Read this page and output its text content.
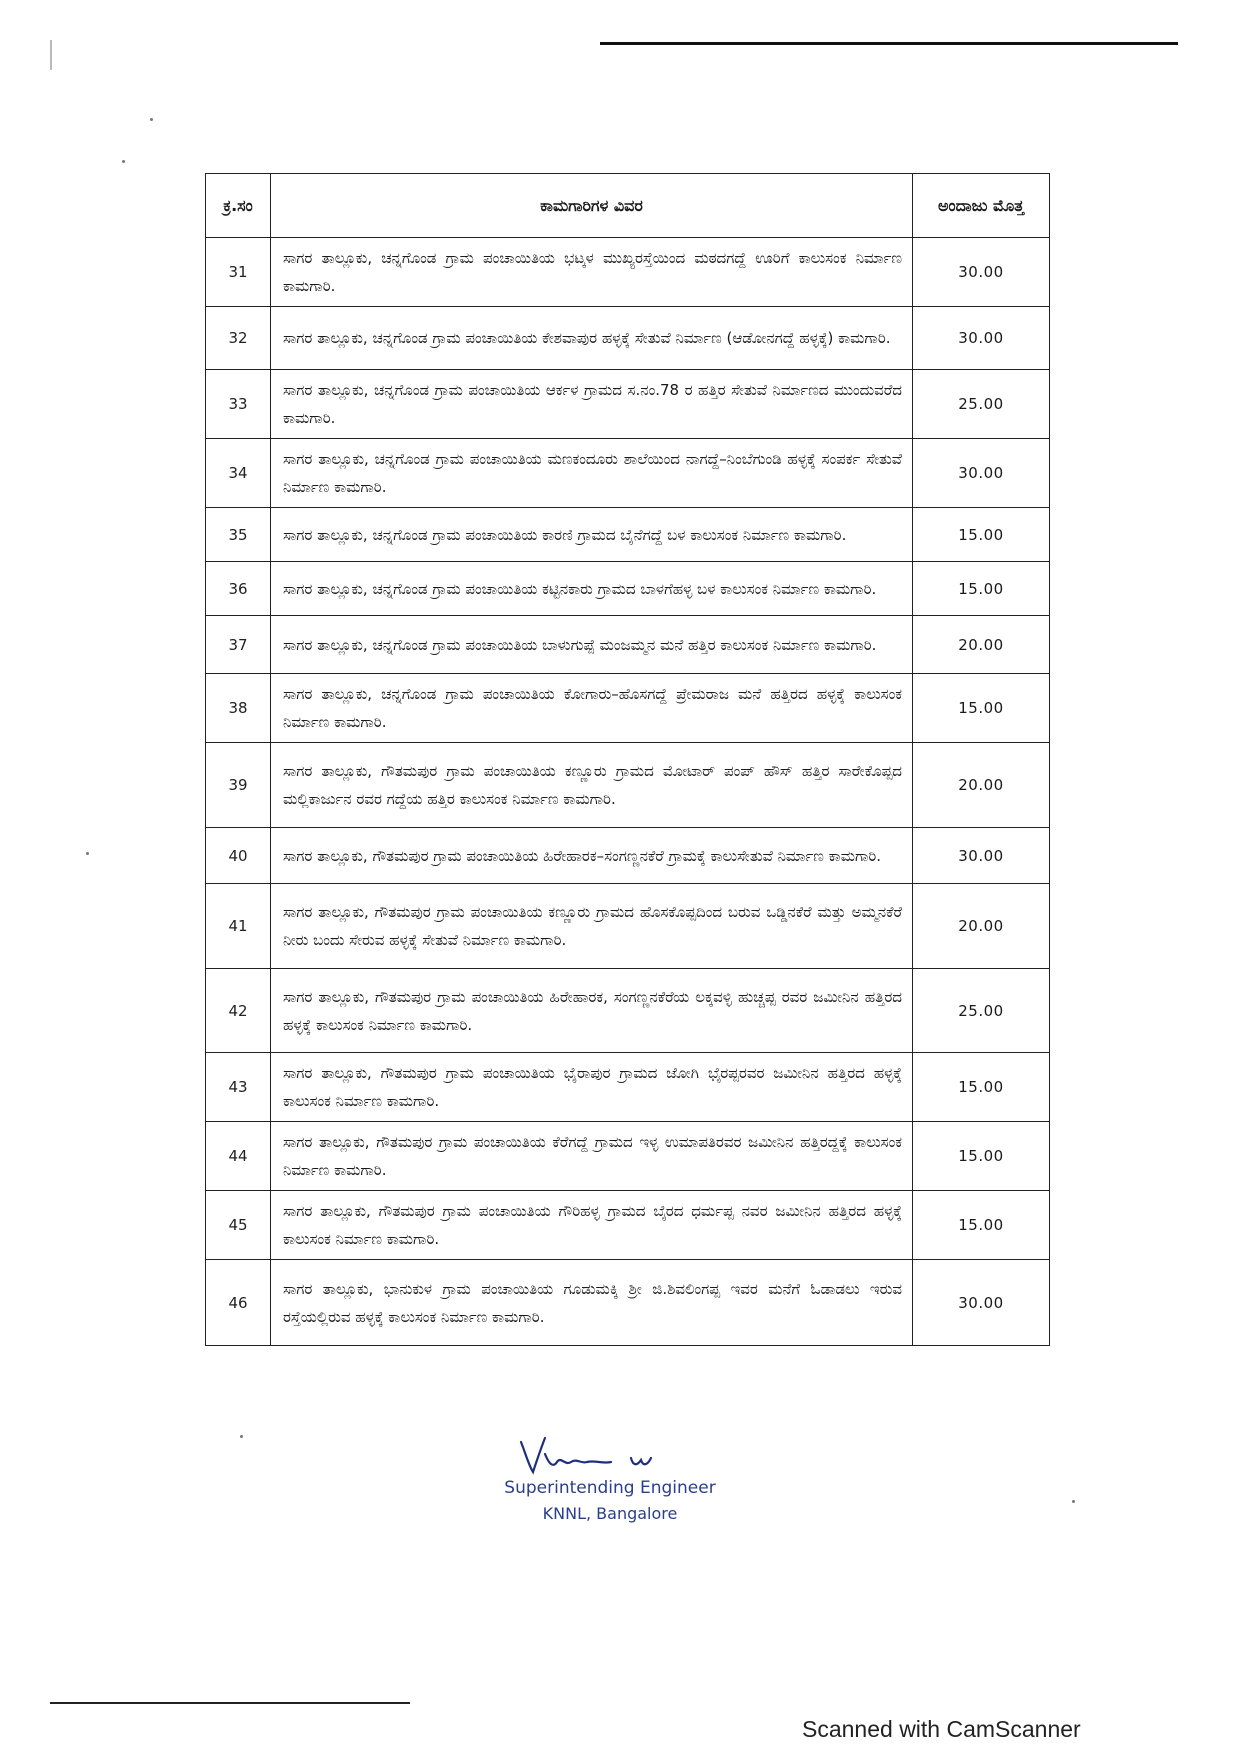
ಕ್ರ.ಸಂ	ಕಾಮಗಾರಿಗಳ ವಿವರ	ಅಂದಾಜು ಮೊತ್ತ
31	ಸಾಗರ ತಾಲ್ಲೂಕು, ಚನ್ನಗೊಂಡ ಗ್ರಾಮ ಪಂಚಾಯಿತಿಯ ಭಟ್ಕಳ ಮುಖ್ಯರಸ್ತೆಯಿಂದ ಮಠದಗದ್ದೆ ಊರಿಗೆ ಕಾಲುಸಂಕ ನಿರ್ಮಾಣ ಕಾಮಗಾರಿ.	30.00
32	ಸಾಗರ ತಾಲ್ಲೂಕು, ಚನ್ನಗೊಂಡ ಗ್ರಾಮ ಪಂಚಾಯಿತಿಯ ಕೇಶವಾಪುರ ಹಳ್ಳಕ್ಕೆ ಸೇತುವೆ ನಿರ್ಮಾಣ (ಆಡೋನಗದ್ದೆ ಹಳ್ಳಕ್ಕೆ) ಕಾಮಗಾರಿ.	30.00
33	ಸಾಗರ ತಾಲ್ಲೂಕು, ಚನ್ನಗೊಂಡ ಗ್ರಾಮ ಪಂಚಾಯಿತಿಯ ಆರ್ಕಳ ಗ್ರಾಮದ ಸ.ನಂ.78 ರ ಹತ್ತಿರ ಸೇತುವೆ ನಿರ್ಮಾಣದ ಮುಂದುವರೆದ ಕಾಮಗಾರಿ.	25.00
34	ಸಾಗರ ತಾಲ್ಲೂಕು, ಚನ್ನಗೊಂಡ ಗ್ರಾಮ ಪಂಚಾಯಿತಿಯ ಮಣಕಂದೂರು ಶಾಲೆಯಿಂದ ನಾಗದ್ದೆ–ನಿಂಬೆಗುಂಡಿ ಹಳ್ಳಕ್ಕೆ ಸಂಪರ್ಕ ಸೇತುವೆ ನಿರ್ಮಾಣ ಕಾಮಗಾರಿ.	30.00
35	ಸಾಗರ ತಾಲ್ಲೂಕು, ಚನ್ನಗೊಂಡ ಗ್ರಾಮ ಪಂಚಾಯಿತಿಯ ಕಾರಣಿ ಗ್ರಾಮದ ಬೈನೆಗದ್ದೆ ಬಳ ಕಾಲುಸಂಕ ನಿರ್ಮಾಣ ಕಾಮಗಾರಿ.	15.00
36	ಸಾಗರ ತಾಲ್ಲೂಕು, ಚನ್ನಗೊಂಡ ಗ್ರಾಮ ಪಂಚಾಯಿತಿಯ ಕಟ್ಟಿನಕಾರು ಗ್ರಾಮದ ಬಾಳಗೆಹಳ್ಳ ಬಳ ಕಾಲುಸಂಕ ನಿರ್ಮಾಣ ಕಾಮಗಾರಿ.	15.00
37	ಸಾಗರ ತಾಲ್ಲೂಕು, ಚನ್ನಗೊಂಡ ಗ್ರಾಮ ಪಂಚಾಯಿತಿಯ ಬಾಳುಗುಪ್ಪೆ ಮಂಜಮ್ಮನ ಮನೆ ಹತ್ತಿರ ಕಾಲುಸಂಕ ನಿರ್ಮಾಣ ಕಾಮಗಾರಿ.	20.00
38	ಸಾಗರ ತಾಲ್ಲೂಕು, ಚನ್ನಗೊಂಡ ಗ್ರಾಮ ಪಂಚಾಯಿತಿಯ ಕೋಗಾರು–ಹೊಸಗದ್ದೆ ಪ್ರೇಮರಾಜ ಮನೆ ಹತ್ತಿರದ ಹಳ್ಳಕ್ಕೆ ಕಾಲುಸಂಕ ನಿರ್ಮಾಣ ಕಾಮಗಾರಿ.	15.00
39	ಸಾಗರ ತಾಲ್ಲೂಕು, ಗೌತಮಪುರ ಗ್ರಾಮ ಪಂಚಾಯಿತಿಯ ಕಣ್ಣೂರು ಗ್ರಾಮದ ಮೋಟಾರ್ ಪಂಪ್ ಹೌಸ್ ಹತ್ತಿರ ಸಾರೇಕೊಪ್ಪದ ಮಲ್ಲಿಕಾರ್ಜುನ ರವರ ಗದ್ದೆಯ ಹತ್ತಿರ ಕಾಲುಸಂಕ ನಿರ್ಮಾಣ ಕಾಮಗಾರಿ.	20.00
40	ಸಾಗರ ತಾಲ್ಲೂಕು, ಗೌತಮಪುರ ಗ್ರಾಮ ಪಂಚಾಯಿತಿಯ ಹಿರೇಹಾರಕ–ಸಂಗಣ್ಣನಕೆರೆ ಗ್ರಾಮಕ್ಕೆ ಕಾಲುಸೇತುವೆ ನಿರ್ಮಾಣ ಕಾಮಗಾರಿ.	30.00
41	ಸಾಗರ ತಾಲ್ಲೂಕು, ಗೌತಮಪುರ ಗ್ರಾಮ ಪಂಚಾಯಿತಿಯ ಕಣ್ಣೂರು ಗ್ರಾಮದ ಹೊಸಕೊಪ್ಪದಿಂದ ಬರುವ ಒಡ್ಡಿನಕೆರೆ ಮತ್ತು ಅಮ್ಮನಕೆರೆ ನೀರು ಬಂದು ಸೇರುವ ಹಳ್ಳಕ್ಕೆ ಸೇತುವೆ ನಿರ್ಮಾಣ ಕಾಮಗಾರಿ.	20.00
42	ಸಾಗರ ತಾಲ್ಲೂಕು, ಗೌತಮಪುರ ಗ್ರಾಮ ಪಂಚಾಯಿತಿಯ ಹಿರೇಹಾರಕ, ಸಂಗಣ್ಣನಕೆರೆಯ ಲಕ್ಕವಳ್ಳಿ ಹುಚ್ಚಪ್ಪ ರವರ ಜಮೀನಿನ ಹತ್ತಿರದ ಹಳ್ಳಕ್ಕೆ ಕಾಲುಸಂಕ ನಿರ್ಮಾಣ ಕಾಮಗಾರಿ.	25.00
43	ಸಾಗರ ತಾಲ್ಲೂಕು, ಗೌತಮಪುರ ಗ್ರಾಮ ಪಂಚಾಯಿತಿಯ ಭೈರಾಪುರ ಗ್ರಾಮದ ಜೋಗಿ ಭೈರಪ್ಪರವರ ಜಮೀನಿನ ಹತ್ತಿರದ ಹಳ್ಳಕ್ಕೆ ಕಾಲುಸಂಕ ನಿರ್ಮಾಣ ಕಾಮಗಾರಿ.	15.00
44	ಸಾಗರ ತಾಲ್ಲೂಕು, ಗೌತಮಪುರ ಗ್ರಾಮ ಪಂಚಾಯಿತಿಯ ಕೆರೆಗದ್ದೆ ಗ್ರಾಮದ ಇಳ್ಳ ಉಮಾಪತಿರವರ ಜಮೀನಿನ ಹತ್ತಿರದ್ದಕ್ಕೆ ಕಾಲುಸಂಕ ನಿರ್ಮಾಣ ಕಾಮಗಾರಿ.	15.00
45	ಸಾಗರ ತಾಲ್ಲೂಕು, ಗೌತಮಪುರ ಗ್ರಾಮ ಪಂಚಾಯಿತಿಯ ಗೌರಿಹಳ್ಳ ಗ್ರಾಮದ ಬೈರದ ಧರ್ಮಪ್ಪ ನವರ ಜಮೀನಿನ ಹತ್ತಿರದ ಹಳ್ಳಕ್ಕೆ ಕಾಲುಸಂಕ ನಿರ್ಮಾಣ ಕಾಮಗಾರಿ.	15.00
46	ಸಾಗರ ತಾಲ್ಲೂಕು, ಭಾನುಕುಳ ಗ್ರಾಮ ಪಂಚಾಯಿತಿಯ ಗೂಡುಮಕ್ಕಿ ಶ್ರೀ ಜಿ.ಶಿವಲಿಂಗಪ್ಪ ಇವರ ಮನೆಗೆ ಓಡಾಡಲು ಇರುವ ರಸ್ತೆಯಲ್ಲಿರುವ ಹಳ್ಳಕ್ಕೆ ಕಾಲುಸಂಕ ನಿರ್ಮಾಣ ಕಾಮಗಾರಿ.	30.00
Superintending Engineer
KNNL, Bangalore
Scanned with CamScanner
